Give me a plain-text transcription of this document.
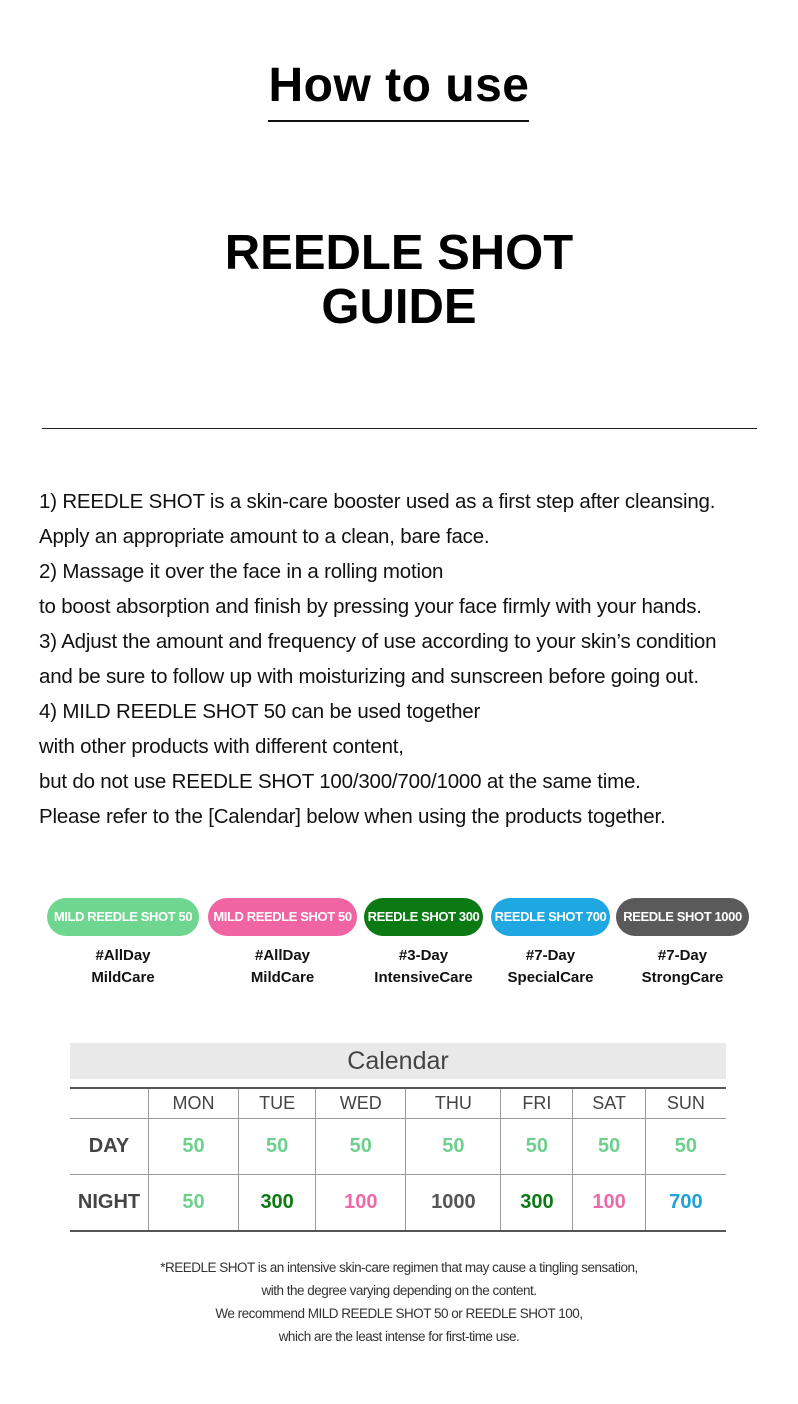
How to use
REEDLE SHOT
GUIDE
1) REEDLE SHOT is a skin-care booster used as a first step after cleansing.
Apply an appropriate amount to a clean, bare face.
2) Massage it over the face in a rolling motion
to boost absorption and finish by pressing your face firmly with your hands.
3) Adjust the amount and frequency of use according to your skin’s condition
and be sure to follow up with moisturizing and sunscreen before going out.
4) MILD REEDLE SHOT 50 can be used together
with other products with different content,
but do not use REEDLE SHOT 100/300/700/1000 at the same time.
Please refer to the [Calendar] below when using the products together.
MILD REEDLE SHOT 50
#AllDay
MildCare
MILD REEDLE SHOT 50
#AllDay
MildCare
REEDLE SHOT 300
#3-Day
IntensiveCare
REEDLE SHOT 700
#7-Day
SpecialCare
REEDLE SHOT 1000
#7-Day
StrongCare
Calendar
	MON	TUE	WED	THU	FRI	SAT	SUN
DAY	50	50	50	50	50	50	50
NIGHT	50	300	100	1000	300	100	700
*REEDLE SHOT is an intensive skin-care regimen that may cause a tingling sensation,
with the degree varying depending on the content.
We recommend MILD REEDLE SHOT 50 or REEDLE SHOT 100,
which are the least intense for first-time use.
